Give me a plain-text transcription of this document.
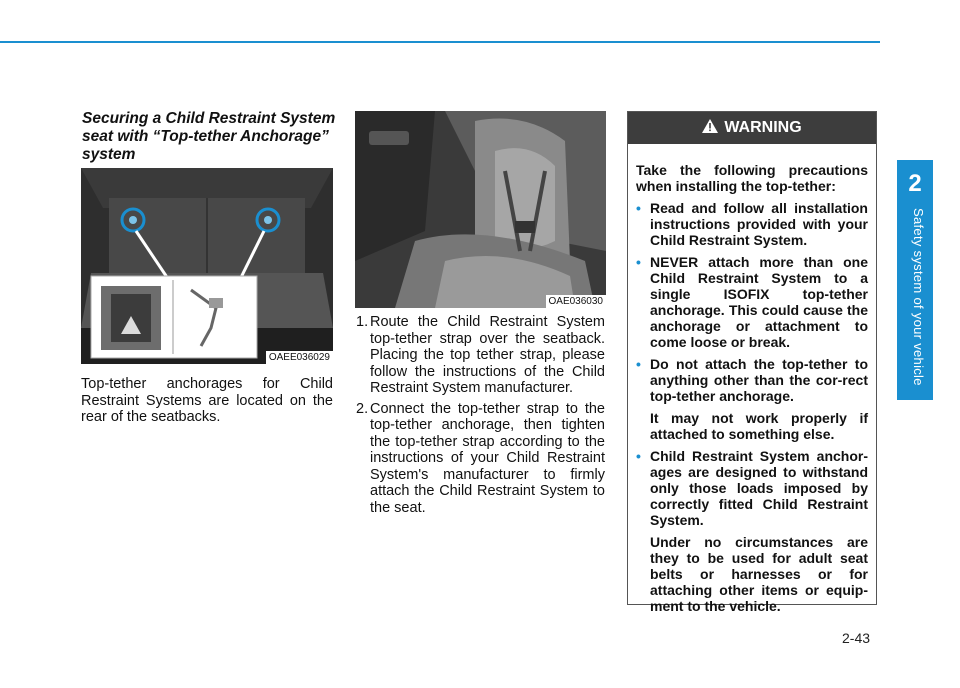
2
Safety system of your vehicle
Securing a Child Restraint System seat with “Top-tether Anchorage” system
OAEE036029
Top-tether anchorages for Child Restraint Systems are located on the rear of the seatbacks.
OAE036030
1. Route the Child Restraint System top-tether strap over the seatback. Placing the top tether strap, please follow the instructions of the Child Restraint System manufacturer.
2. Connect the top-tether strap to the top-tether anchorage, then tighten the top-tether strap according to the instructions of your Child Restraint System's manufacturer to firmly attach the Child Restraint System to the seat.
WARNING
Take the following precautions when installing the top-tether:
• Read and follow all installation instructions provided with your Child Restraint System.

• NEVER attach more than one Child Restraint System to a single ISOFIX top-tether anchorage. This could cause the anchorage or attachment to come loose or break.

• Do not attach the top-tether to anything other than the cor-rect top-tether anchorage.

It may not work properly if attached to something else.

• Child Restraint System anchor-ages are designed to withstand only those loads imposed by correctly fitted Child Restraint System.

Under no circumstances are they to be used for adult seat belts or harnesses or for attaching other items or equip-ment to the vehicle.

2-43
